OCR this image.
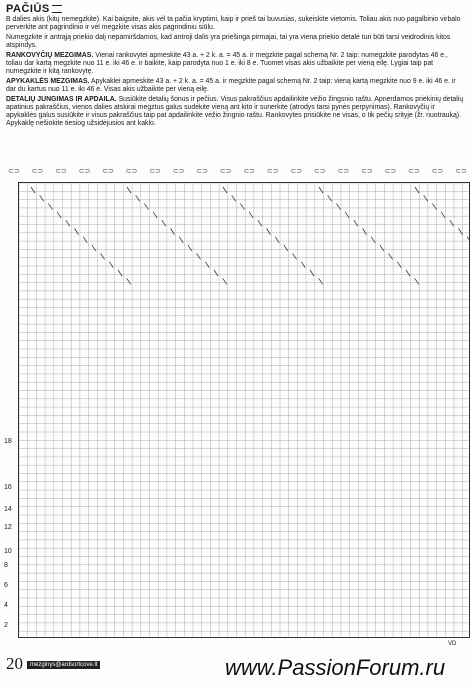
PAČIŪS

B dalies akis (kitų nemegzkite). Kai baigsite, akis vėl ta pačia kryptimi, kaip ir prieš tai buvusias, sukeiskite vietomis. Toliau akis nuo pagalbinio virbalo perverkite ant pagrindinio ir vėl megzkite visas akis pagrindiniu siūlu.

Numegzkite ir antrąją priekio dalį nepamiršdamos, kad antroji dalis yra priešinga pirmajai, tai yra viena priekio detalė turi būti tarsi veidrodinis kitos atspindys.

RANKOVYČIŲ MEZGIMAS. Vienai rankovytei apmeskite 43 a. + 2 k. a. = 45 a. ir megzkite pagal schemą Nr. 2 taip: numegzkite parodytas 46 e., toliau dar kartą megzkite nuo 11 e. iki 46 e. ir baikite, kaip parodyta nuo 1 e. iki 8 e. Tuomet visas akis užbaikite per vieną eilę. Lygiai taip pat numegzkite ir kitą rankovytę.

APYKAKLĖS MEZGIMAS. Apykaklei apmeskite 43 a. + 2 k. a. = 45 a. ir megzkite pagal schemą Nr. 2 taip: vieną kartą megzkite nuo 9 e. iki 46 e. ir dar du kartus nuo 11 e. iki 46 e. Visas akis užbaikite per vieną eilę.

DETALIŲ JUNGIMAS IR APDAILA. Susiūkite detalių šonus ir pečius. Visus pakraščius apdailinkite vėžio žingsnio raštu. Apnerdamos priekinių detalių apatinius pakraščius, vienos dalies atskirai megztus galus sudėkite vieną ant kito ir sunerkite (atrodys tarsi pynės perpynimas). Rankovyčių ir apykaklės galus susiūkite ir visus pakraščius taip pat apdailinkite vėžio žingnio raštu. Rankovytes prisiūkite ne visas, o tik pečių srityje (žr. nuotrauką). Apykaklę nešiokite tiesiog užsidėjusios ant kaklo.

⊂⊃ ⊂⊃ ⊂⊃ ⊂⊃ ⊂⊃ ⊂⊃ ⊂⊃ ⊂⊃ ⊂⊃ ⊂⊃ ⊂⊃ ⊂⊃ ⊂⊃ ⊂⊃ ⊂⊃ ⊂⊃ ⊂⊃ ⊂⊃ ⊂⊃ ⊂⊃
18
16
14
12
10
8
6
4
2
VD
20 mezginys@ardsortcove.lt	www.PassionForum.ru
